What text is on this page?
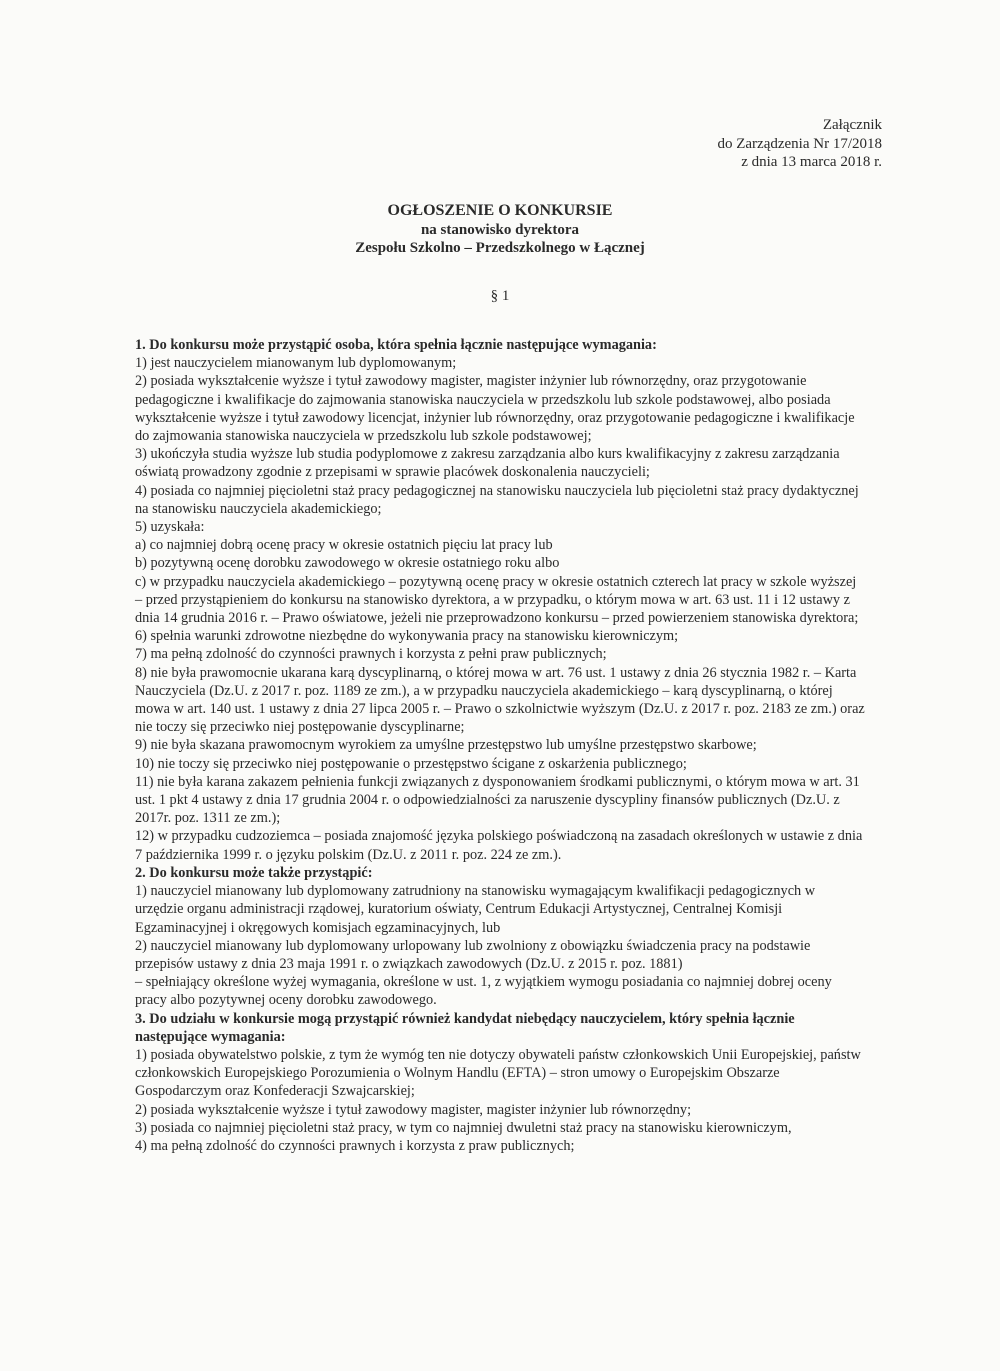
Załącznik
do Zarządzenia Nr 17/2018
z dnia 13 marca 2018 r.
OGŁOSZENIE O KONKURSIE
na stanowisko dyrektora
Zespołu Szkolno – Przedszkolnego w Łącznej
§ 1

1. Do konkursu może przystąpić osoba, która spełnia łącznie następujące wymagania:

1) jest nauczycielem mianowanym lub dyplomowanym;

2) posiada wykształcenie wyższe i tytuł zawodowy magister, magister inżynier lub równorzędny, oraz przygotowanie pedagogiczne i kwalifikacje do zajmowania stanowiska nauczyciela w przedszkolu lub szkole podstawowej, albo posiada wykształcenie wyższe i tytuł zawodowy licencjat, inżynier lub równorzędny, oraz przygotowanie pedagogiczne i kwalifikacje do zajmowania stanowiska nauczyciela w przedszkolu lub szkole podstawowej;

3) ukończyła studia wyższe lub studia podyplomowe z zakresu zarządzania albo kurs kwalifikacyjny z zakresu zarządzania oświatą prowadzony zgodnie z przepisami w sprawie placówek doskonalenia nauczycieli;

4) posiada co najmniej pięcioletni staż pracy pedagogicznej na stanowisku nauczyciela lub pięcioletni staż pracy dydaktycznej na stanowisku nauczyciela akademickiego;

5) uzyskała:

a) co najmniej dobrą ocenę pracy w okresie ostatnich pięciu lat pracy lub

b) pozytywną ocenę dorobku zawodowego w okresie ostatniego roku albo

c) w przypadku nauczyciela akademickiego – pozytywną ocenę pracy w okresie ostatnich czterech lat pracy w szkole wyższej

– przed przystąpieniem do konkursu na stanowisko dyrektora, a w przypadku, o którym mowa w art. 63 ust. 11 i 12 ustawy z dnia 14 grudnia 2016 r. – Prawo oświatowe, jeżeli nie przeprowadzono konkursu – przed powierzeniem stanowiska dyrektora;

6) spełnia warunki zdrowotne niezbędne do wykonywania pracy na stanowisku kierowniczym;

7) ma pełną zdolność do czynności prawnych i korzysta z pełni praw publicznych;

8) nie była prawomocnie ukarana karą dyscyplinarną, o której mowa w art. 76 ust. 1 ustawy z dnia 26 stycznia 1982 r. – Karta Nauczyciela (Dz.U. z 2017 r. poz. 1189 ze zm.), a w przypadku nauczyciela akademickiego – karą dyscyplinarną, o której mowa w art. 140 ust. 1 ustawy z dnia 27 lipca 2005 r. – Prawo o szkolnictwie wyższym (Dz.U. z 2017 r. poz. 2183 ze zm.) oraz nie toczy się przeciwko niej postępowanie dyscyplinarne;

9) nie była skazana prawomocnym wyrokiem za umyślne przestępstwo lub umyślne przestępstwo skarbowe;

10) nie toczy się przeciwko niej postępowanie o przestępstwo ścigane z oskarżenia publicznego;

11) nie była karana zakazem pełnienia funkcji związanych z dysponowaniem środkami publicznymi, o którym mowa w art. 31 ust. 1 pkt 4 ustawy z dnia 17 grudnia 2004 r. o odpowiedzialności za naruszenie dyscypliny finansów publicznych (Dz.U. z 2017r. poz. 1311 ze zm.);

12) w przypadku cudzoziemca – posiada znajomość języka polskiego poświadczoną na zasadach określonych w ustawie z dnia 7 października 1999 r. o języku polskim (Dz.U. z 2011 r. poz. 224 ze zm.).

2. Do konkursu może także przystąpić:

1) nauczyciel mianowany lub dyplomowany zatrudniony na stanowisku wymagającym kwalifikacji pedagogicznych w urzędzie organu administracji rządowej, kuratorium oświaty, Centrum Edukacji Artystycznej, Centralnej Komisji Egzaminacyjnej i okręgowych komisjach egzaminacyjnych, lub

2) nauczyciel mianowany lub dyplomowany urlopowany lub zwolniony z obowiązku świadczenia pracy na podstawie przepisów ustawy z dnia 23 maja 1991 r. o związkach zawodowych (Dz.U. z 2015 r. poz. 1881)

– spełniający określone wyżej wymagania, określone w ust. 1, z wyjątkiem wymogu posiadania co najmniej dobrej oceny pracy albo pozytywnej oceny dorobku zawodowego.

3. Do udziału w konkursie mogą przystąpić również kandydat niebędący nauczycielem, który spełnia łącznie następujące wymagania:

1) posiada obywatelstwo polskie, z tym że wymóg ten nie dotyczy obywateli państw członkowskich Unii Europejskiej, państw członkowskich Europejskiego Porozumienia o Wolnym Handlu (EFTA) – stron umowy o Europejskim Obszarze Gospodarczym oraz Konfederacji Szwajcarskiej;

2) posiada wykształcenie wyższe i tytuł zawodowy magister, magister inżynier lub równorzędny;

3) posiada co najmniej pięcioletni staż pracy, w tym co najmniej dwuletni staż pracy na stanowisku kierowniczym,

4) ma pełną zdolność do czynności prawnych i korzysta z praw publicznych;
